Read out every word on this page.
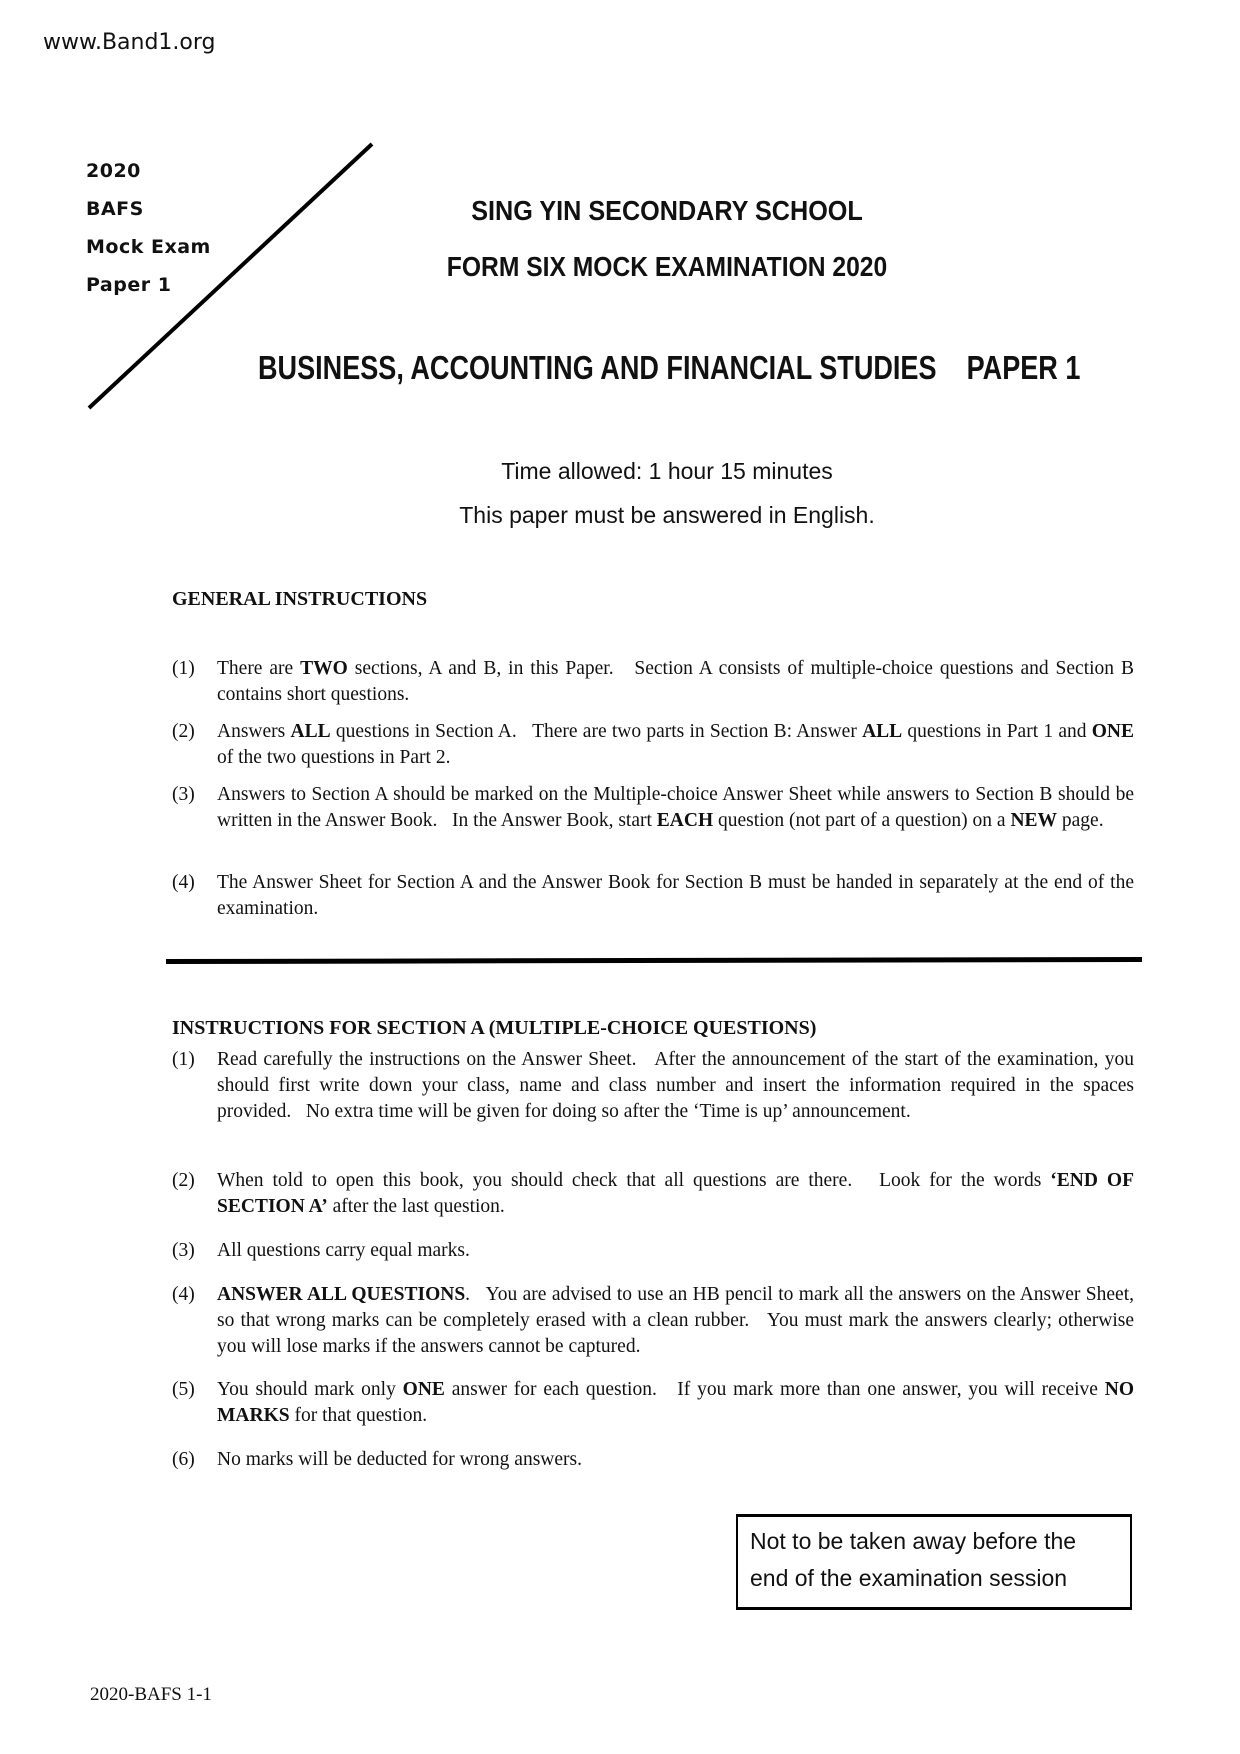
www.Band1.org
2020
BAFS
Mock Exam
Paper 1
SING YIN SECONDARY SCHOOL
FORM SIX MOCK EXAMINATION 2020
BUSINESS, ACCOUNTING AND FINANCIAL STUDIES    PAPER 1
Time allowed: 1 hour 15 minutes
This paper must be answered in English.
GENERAL INSTRUCTIONS
(1) There are TWO sections, A and B, in this Paper.   Section A consists of multiple-choice questions and Section B contains short questions.
(2) Answers ALL questions in Section A.   There are two parts in Section B: Answer ALL questions in Part 1 and ONE of the two questions in Part 2.
(3) Answers to Section A should be marked on the Multiple-choice Answer Sheet while answers to Section B should be written in the Answer Book.   In the Answer Book, start EACH question (not part of a question) on a NEW page.
(4) The Answer Sheet for Section A and the Answer Book for Section B must be handed in separately at the end of the examination.
INSTRUCTIONS FOR SECTION A (MULTIPLE-CHOICE QUESTIONS)
(1) Read carefully the instructions on the Answer Sheet.   After the announcement of the start of the examination, you should first write down your class, name and class number and insert the information required in the spaces provided.   No extra time will be given for doing so after the ‘Time is up’ announcement.
(2) When told to open this book, you should check that all questions are there.   Look for the words ‘END OF SECTION A’ after the last question.
(3) All questions carry equal marks.
(4) ANSWER ALL QUESTIONS.   You are advised to use an HB pencil to mark all the answers on the Answer Sheet, so that wrong marks can be completely erased with a clean rubber.   You must mark the answers clearly; otherwise you will lose marks if the answers cannot be captured.
(5) You should mark only ONE answer for each question.   If you mark more than one answer, you will receive NO MARKS for that question.
(6) No marks will be deducted for wrong answers.
Not to be taken away before the
end of the examination session
2020-BAFS 1-1
